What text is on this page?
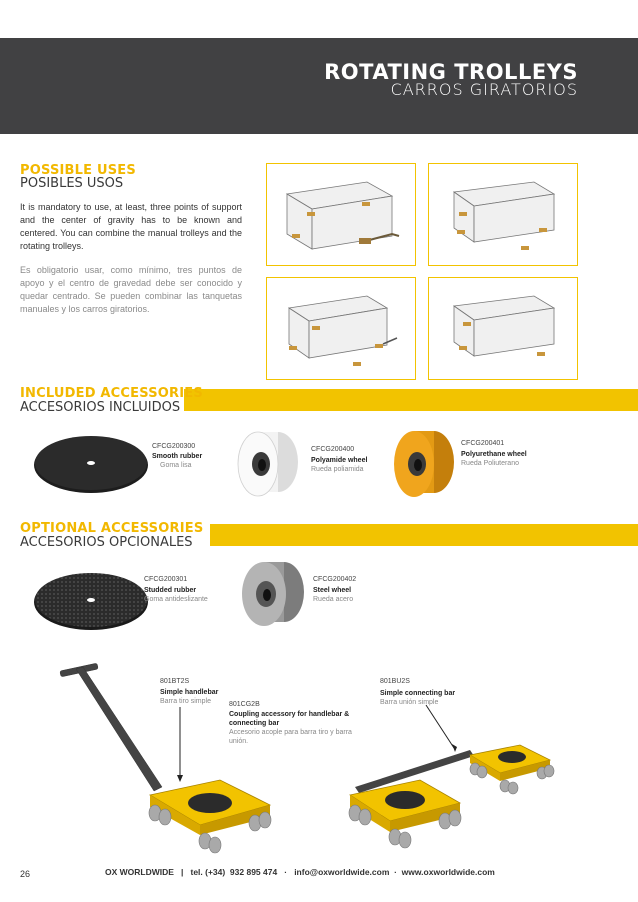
ROTATING TROLLEYS
CARROS GIRATORIOS
POSSIBLE USES
POSIBLES USOS
It is mandatory to use, at least, three points of support and the center of gravity has to be known and centered. You can combine the manual trolleys and the rotating trolleys.
Es obligatorio usar, como mínimo, tres puntos de apoyo y el centro de gravedad debe ser conocido y quedar centrado. Se pueden combinar las tanquetas manuales y los carros giratorios.
INCLUDED ACCESSORIES
ACCESORIOS INCLUIDOS
CFCG200300
Smooth rubber
Goma lisa
CFCG200400
Polyamide wheel
Rueda poliamida
CFCG200401
Polyurethane wheel
Rueda Poliuterano
OPTIONAL ACCESSORIES
ACCESORIOS OPCIONALES
CFCG200301
Studded rubber
Goma antideslizante
CFCG200402
Steel wheel
Rueda acero
801BT2S
Simple handlebar
Barra tiro simple	801CG2B
Coupling accessory for handlebar &
connecting bar
Accesorio acople para barra tiro y barra
unión.
801BU2S
Simple connecting bar
Barra unión simple
26	OX WORLDWIDE   |   tel. (+34)  932 895 474   ·   info@oxworldwide.com  ·  www.oxworldwide.com
